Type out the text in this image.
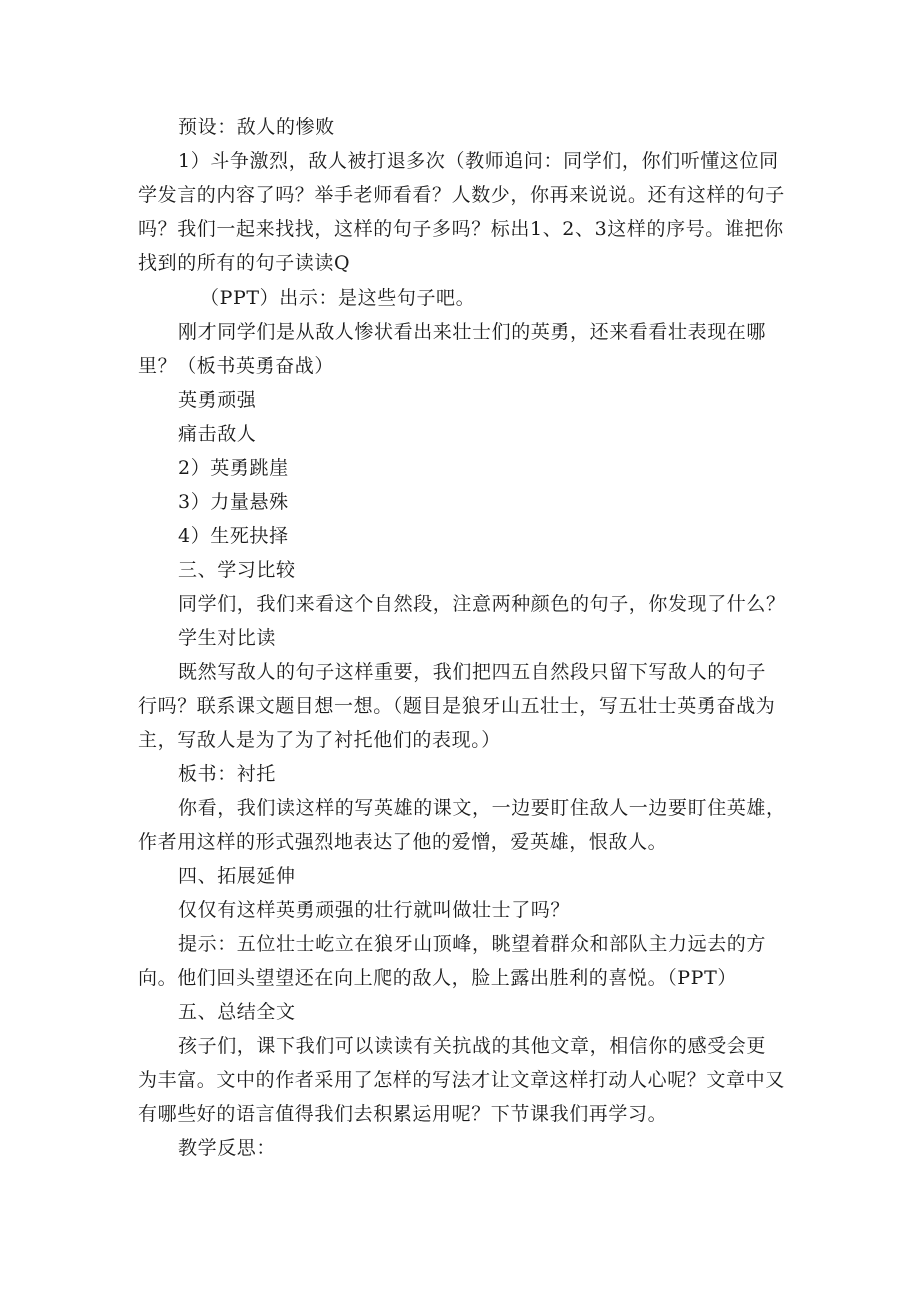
预设：敌人的惨败
1）斗争激烈，敌人被打退多次（教师追问：同学们，你们听懂这位同
学发言的内容了吗？举手老师看看？人数少，你再来说说。还有这样的句子
吗？我们一起来找找，这样的句子多吗？标出1、2、3这样的序号。谁把你
找到的所有的句子读读Q
（PPT）出示：是这些句子吧。
刚才同学们是从敌人惨状看出来壮士们的英勇，还来看看壮表现在哪
里？（板书英勇奋战）
英勇顽强
痛击敌人
2）英勇跳崖
3）力量悬殊
4）生死抉择
三、学习比较
同学们，我们来看这个自然段，注意两种颜色的句子，你发现了什么？
学生对比读
既然写敌人的句子这样重要，我们把四五自然段只留下写敌人的句子
行吗？联系课文题目想一想。（题目是狼牙山五壮士，写五壮士英勇奋战为
主，写敌人是为了为了衬托他们的表现。）
板书：衬托
你看，我们读这样的写英雄的课文，一边要盯住敌人一边要盯住英雄，
作者用这样的形式强烈地表达了他的爱憎，爱英雄，恨敌人。
四、拓展延伸
仅仅有这样英勇顽强的壮行就叫做壮士了吗？
提示：五位壮士屹立在狼牙山顶峰，眺望着群众和部队主力远去的方
向。他们回头望望还在向上爬的敌人，脸上露出胜利的喜悦。（PPT）
五、总结全文
孩子们，课下我们可以读读有关抗战的其他文章，相信你的感受会更
为丰富。文中的作者采用了怎样的写法才让文章这样打动人心呢？文章中又
有哪些好的语言值得我们去积累运用呢？下节课我们再学习。
教学反思：
